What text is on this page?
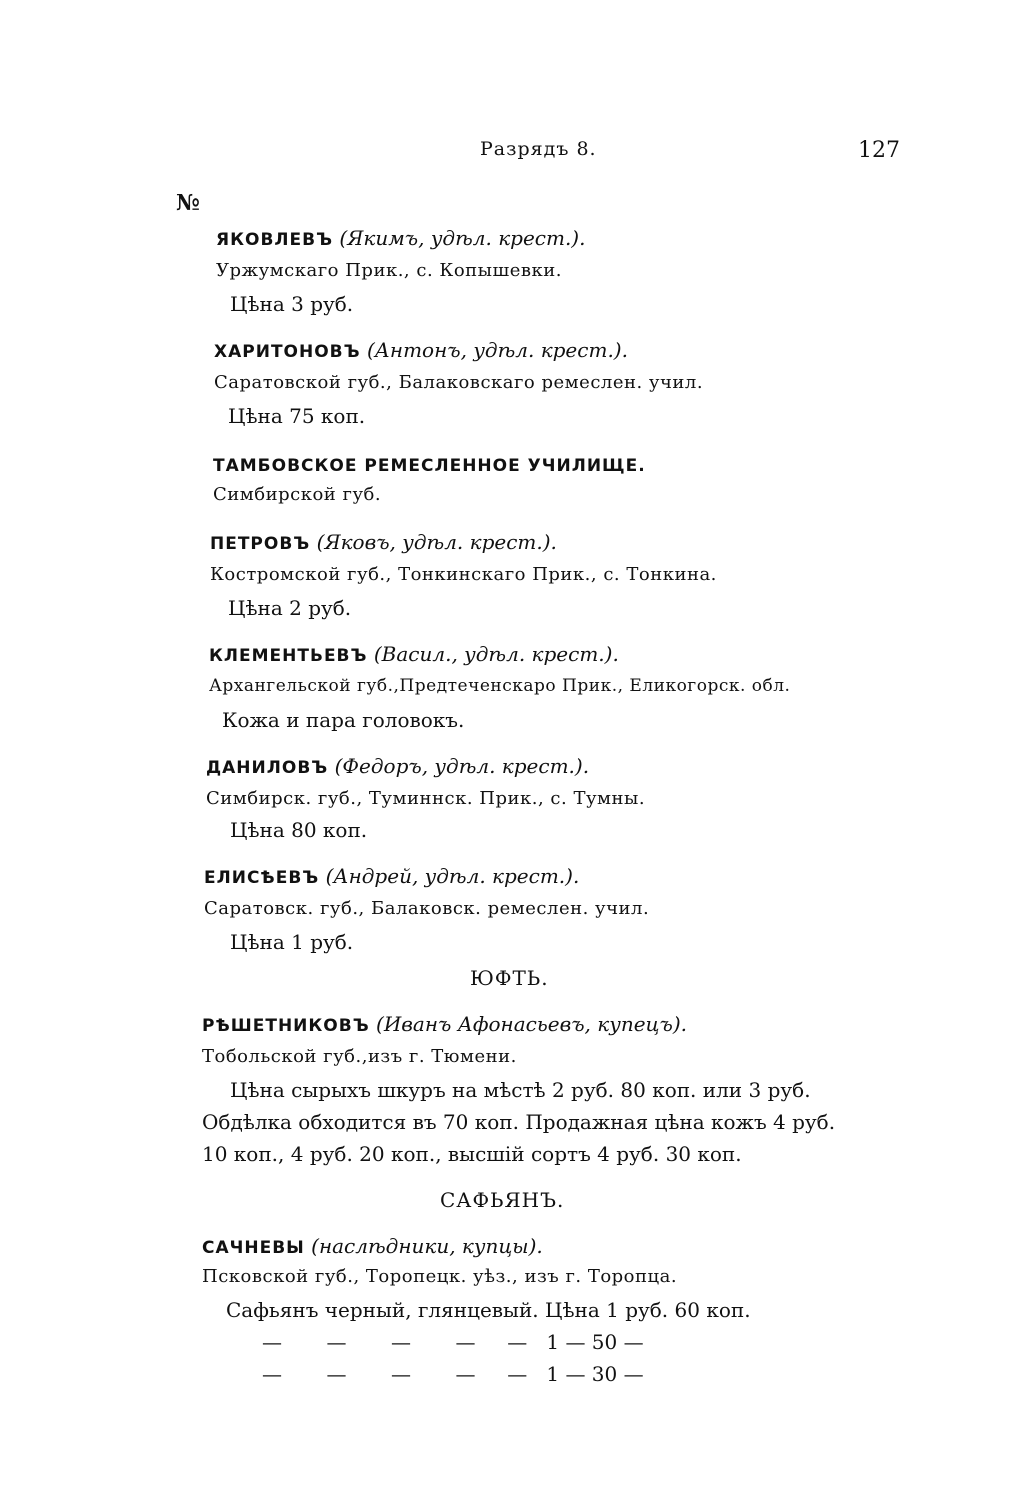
Разрядъ 8.	127
№
ЯКОВЛЕВЪ (Якимъ, удѣл. крест.).
Уржумскаго Прик., с. Копышевки.
Цѣна 3 руб.
ХАРИТОНОВЪ (Антонъ, удѣл. крест.).
Саратовской губ., Балаковскаго ремеслен. учил.
Цѣна 75 коп.
ТАМБОВСКОЕ РЕМЕСЛЕННОЕ УЧИЛИЩЕ.
Симбирской губ.
ПЕТРОВЪ (Яковъ, удѣл. крест.).
Костромской губ., Тонкинскаго Прик., с. Тонкина.
Цѣна 2 руб.
КЛЕМЕНТЬЕВЪ (Васил., удѣл. крест.).
Архангельской губ.,Предтеченскаро Прик., Еликогорск. обл.
Кожа и пара головокъ.
ДАНИЛОВЪ (Федоръ, удѣл. крест.).
Симбирск. губ., Туминнск. Прик., с. Тумны.
Цѣна 80 коп.
ЕЛИСѢЕВЪ (Андрей, удѣл. крест.).
Саратовск. губ., Балаковск. ремеслен. учил.
Цѣна 1 руб.
ЮФТЬ.
РѢШЕТНИКОВЪ (Иванъ Афонасьевъ, купецъ).
Тобольской губ.,изъ г. Тюмени.
Цѣна сырыхъ шкуръ на мѣстѣ 2 руб. 80 коп. или 3 руб.
Обдѣлка обходится въ 70 коп. Продажная цѣна кожъ 4 руб.
10 коп., 4 руб. 20 коп., высшiй сортъ 4 руб. 30 коп.
САФЬЯНЪ.
САЧНЕВЫ (наслѣдники, купцы).
Псковской губ., Торопецк. уѣз., изъ г. Торопца.
Сафьянъ черный, глянцевый. Цѣна 1 руб. 60 коп.
—       —       —       —     —   1 — 50 —
—       —       —       —     —   1 — 30 —
